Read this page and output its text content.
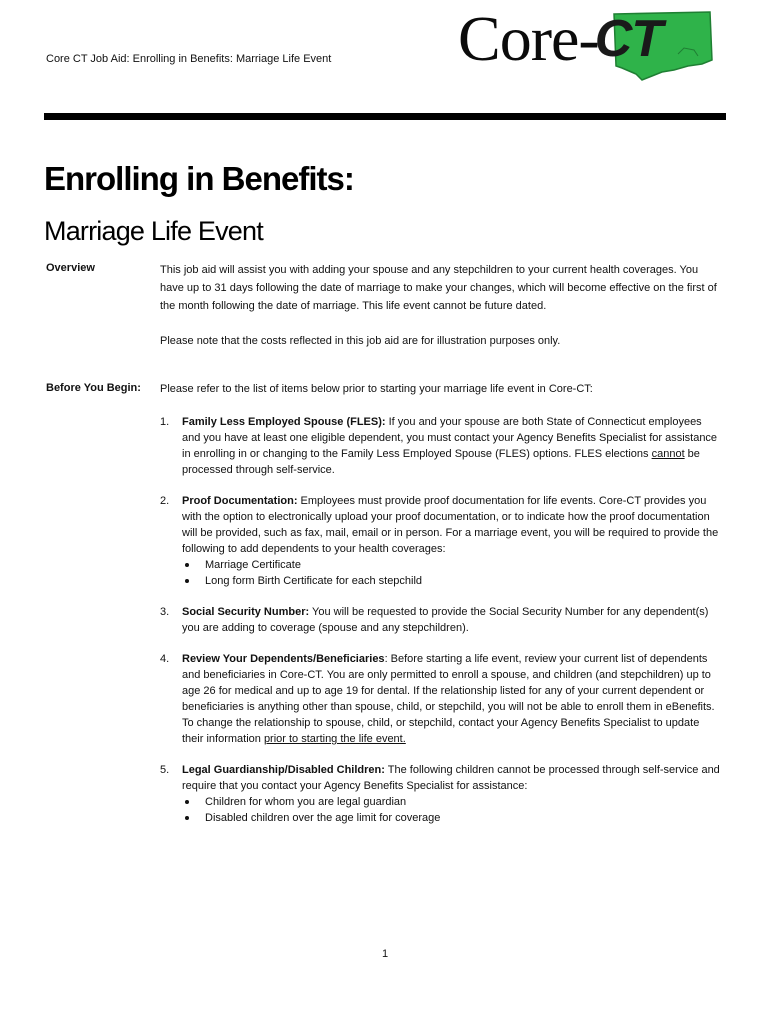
Core CT Job Aid: Enrolling in Benefits: Marriage Life Event Core-CT
Enrolling in Benefits:
Marriage Life Event
Overview	This job aid will assist you with adding your spouse and any stepchildren to your current health coverages. You have up to 31 days following the date of marriage to make your changes, which will become effective on the first of the month following the date of marriage. This life event cannot be future dated.

Please note that the costs reflected in this job aid are for illustration purposes only.

Before You Begin: Please refer to the list of items below prior to starting your marriage life event in Core-CT:

1. Family Less Employed Spouse (FLES): If you and your spouse are both State of Connecticut employees and you have at least one eligible dependent, you must contact your Agency Benefits Specialist for assistance in enrolling in or changing to the Family Less Employed Spouse (FLES) options. FLES elections cannot be processed through self-service.
2. Proof Documentation: Employees must provide proof documentation for life events. Core-CT provides you with the option to electronically upload your proof documentation, or to indicate how the proof documentation will be provided, such as fax, mail, email or in person. For a marriage event, you will be required to provide the following to add dependents to your health coverages:
Marriage Certificate
Long form Birth Certificate for each stepchild
3. Social Security Number: You will be requested to provide the Social Security Number for any dependent(s) you are adding to coverage (spouse and any stepchildren).
4. Review Your Dependents/Beneficiaries: Before starting a life event, review your current list of dependents and beneficiaries in Core-CT. You are only permitted to enroll a spouse, and children (and stepchildren) up to age 26 for medical and up to age 19 for dental. If the relationship listed for any of your current dependent or beneficiaries is anything other than spouse, child, or stepchild, you will not be able to enroll them in eBenefits. To change the relationship to spouse, child, or stepchild, contact your Agency Benefits Specialist to update their information prior to starting the life event.
5. Legal Guardianship/Disabled Children: The following children cannot be processed through self-service and require that you contact your Agency Benefits Specialist for assistance:
Children for whom you are legal guardian
Disabled children over the age limit for coverage
1
